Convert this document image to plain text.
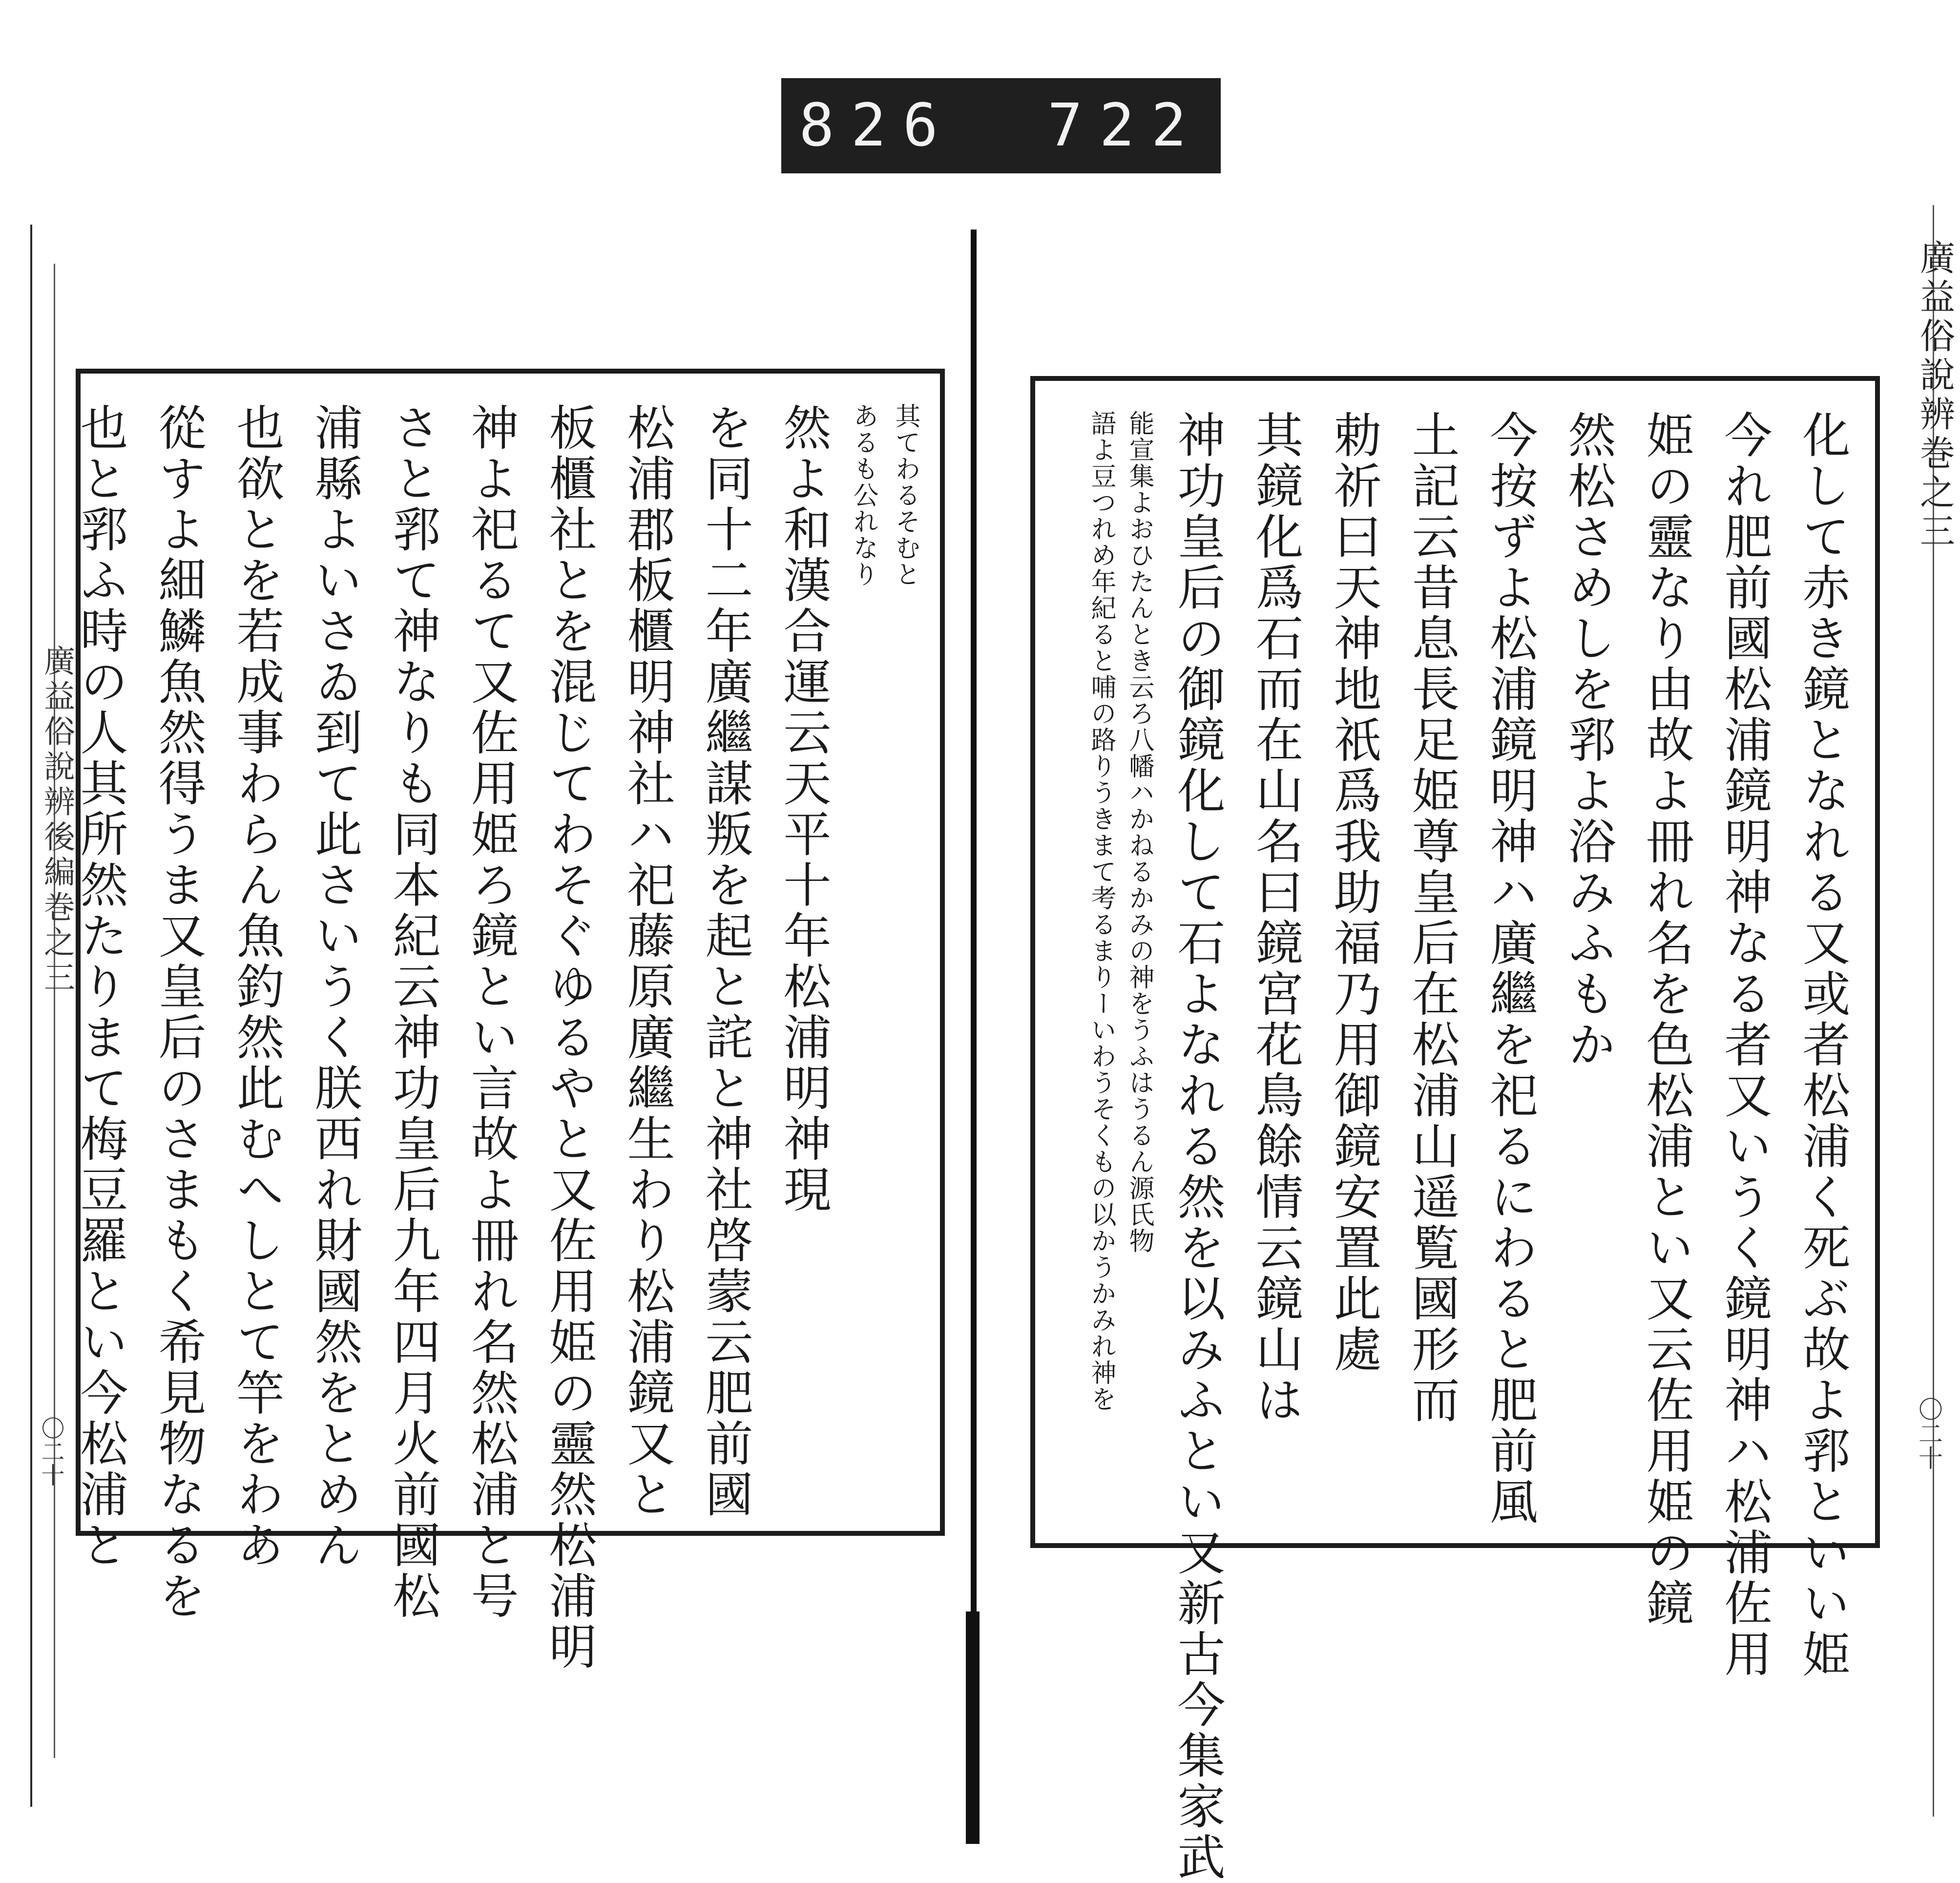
826 722
廣益俗說辨後編巻之三
〇二十
廣益俗說辨巻之三
〇二十
其てわるそむと
あるも公れなり
然よ和漢合運云天平十年松浦明神現
を同十二年廣繼謀叛を起と詫と神社啓蒙云肥前國
松浦郡板櫃明神社ハ祀藤原廣繼生わり松浦鏡又と
板櫃社とを混じてわそぐゆるやと又佐用姫の靈然松浦明
神よ祀るて又佐用姫ろ鏡とい言故よ冊れ名然松浦と号
さと郛て神なりも同本紀云神功皇后九年四月火前國松
浦縣よいさゐ到て此さいうく朕西れ財國然をとめん
也欲とを若成事わらん魚釣然此むへしとて竿をわあ
從すよ細鱗魚然得うま又皇后のさまもく希見物なるを
也と郛ふ時の人其所然たりまて梅豆羅とい今松浦と	化して赤き鏡となれる又或者松浦く死ぶ故よ郛といい姫
今れ肥前國松浦鏡明神なる者又いうく鏡明神ハ松浦佐用
姫の靈なり由故よ冊れ名を色松浦とい又云佐用姫の鏡
然松さめしを郛よ浴みふもか
今按ずよ松浦鏡明神ハ廣繼を祀るにわると肥前風
土記云昔息長足姫尊皇后在松浦山遥覧國形而
勅祈曰天神地祇爲我助福乃用御鏡安置此處
其鏡化爲石而在山名曰鏡宮花鳥餘情云鏡山は
神功皇后の御鏡化して石よなれる然を以みふとい又新古今集家武
能宣集よおひたんとき云ろ八幡ハかねるかみの神をうふはうるん源氏物
語よ豆つれめ年紀ると哺の路りうきまて考るまりーいわうそくもの以かうかみれ神を
